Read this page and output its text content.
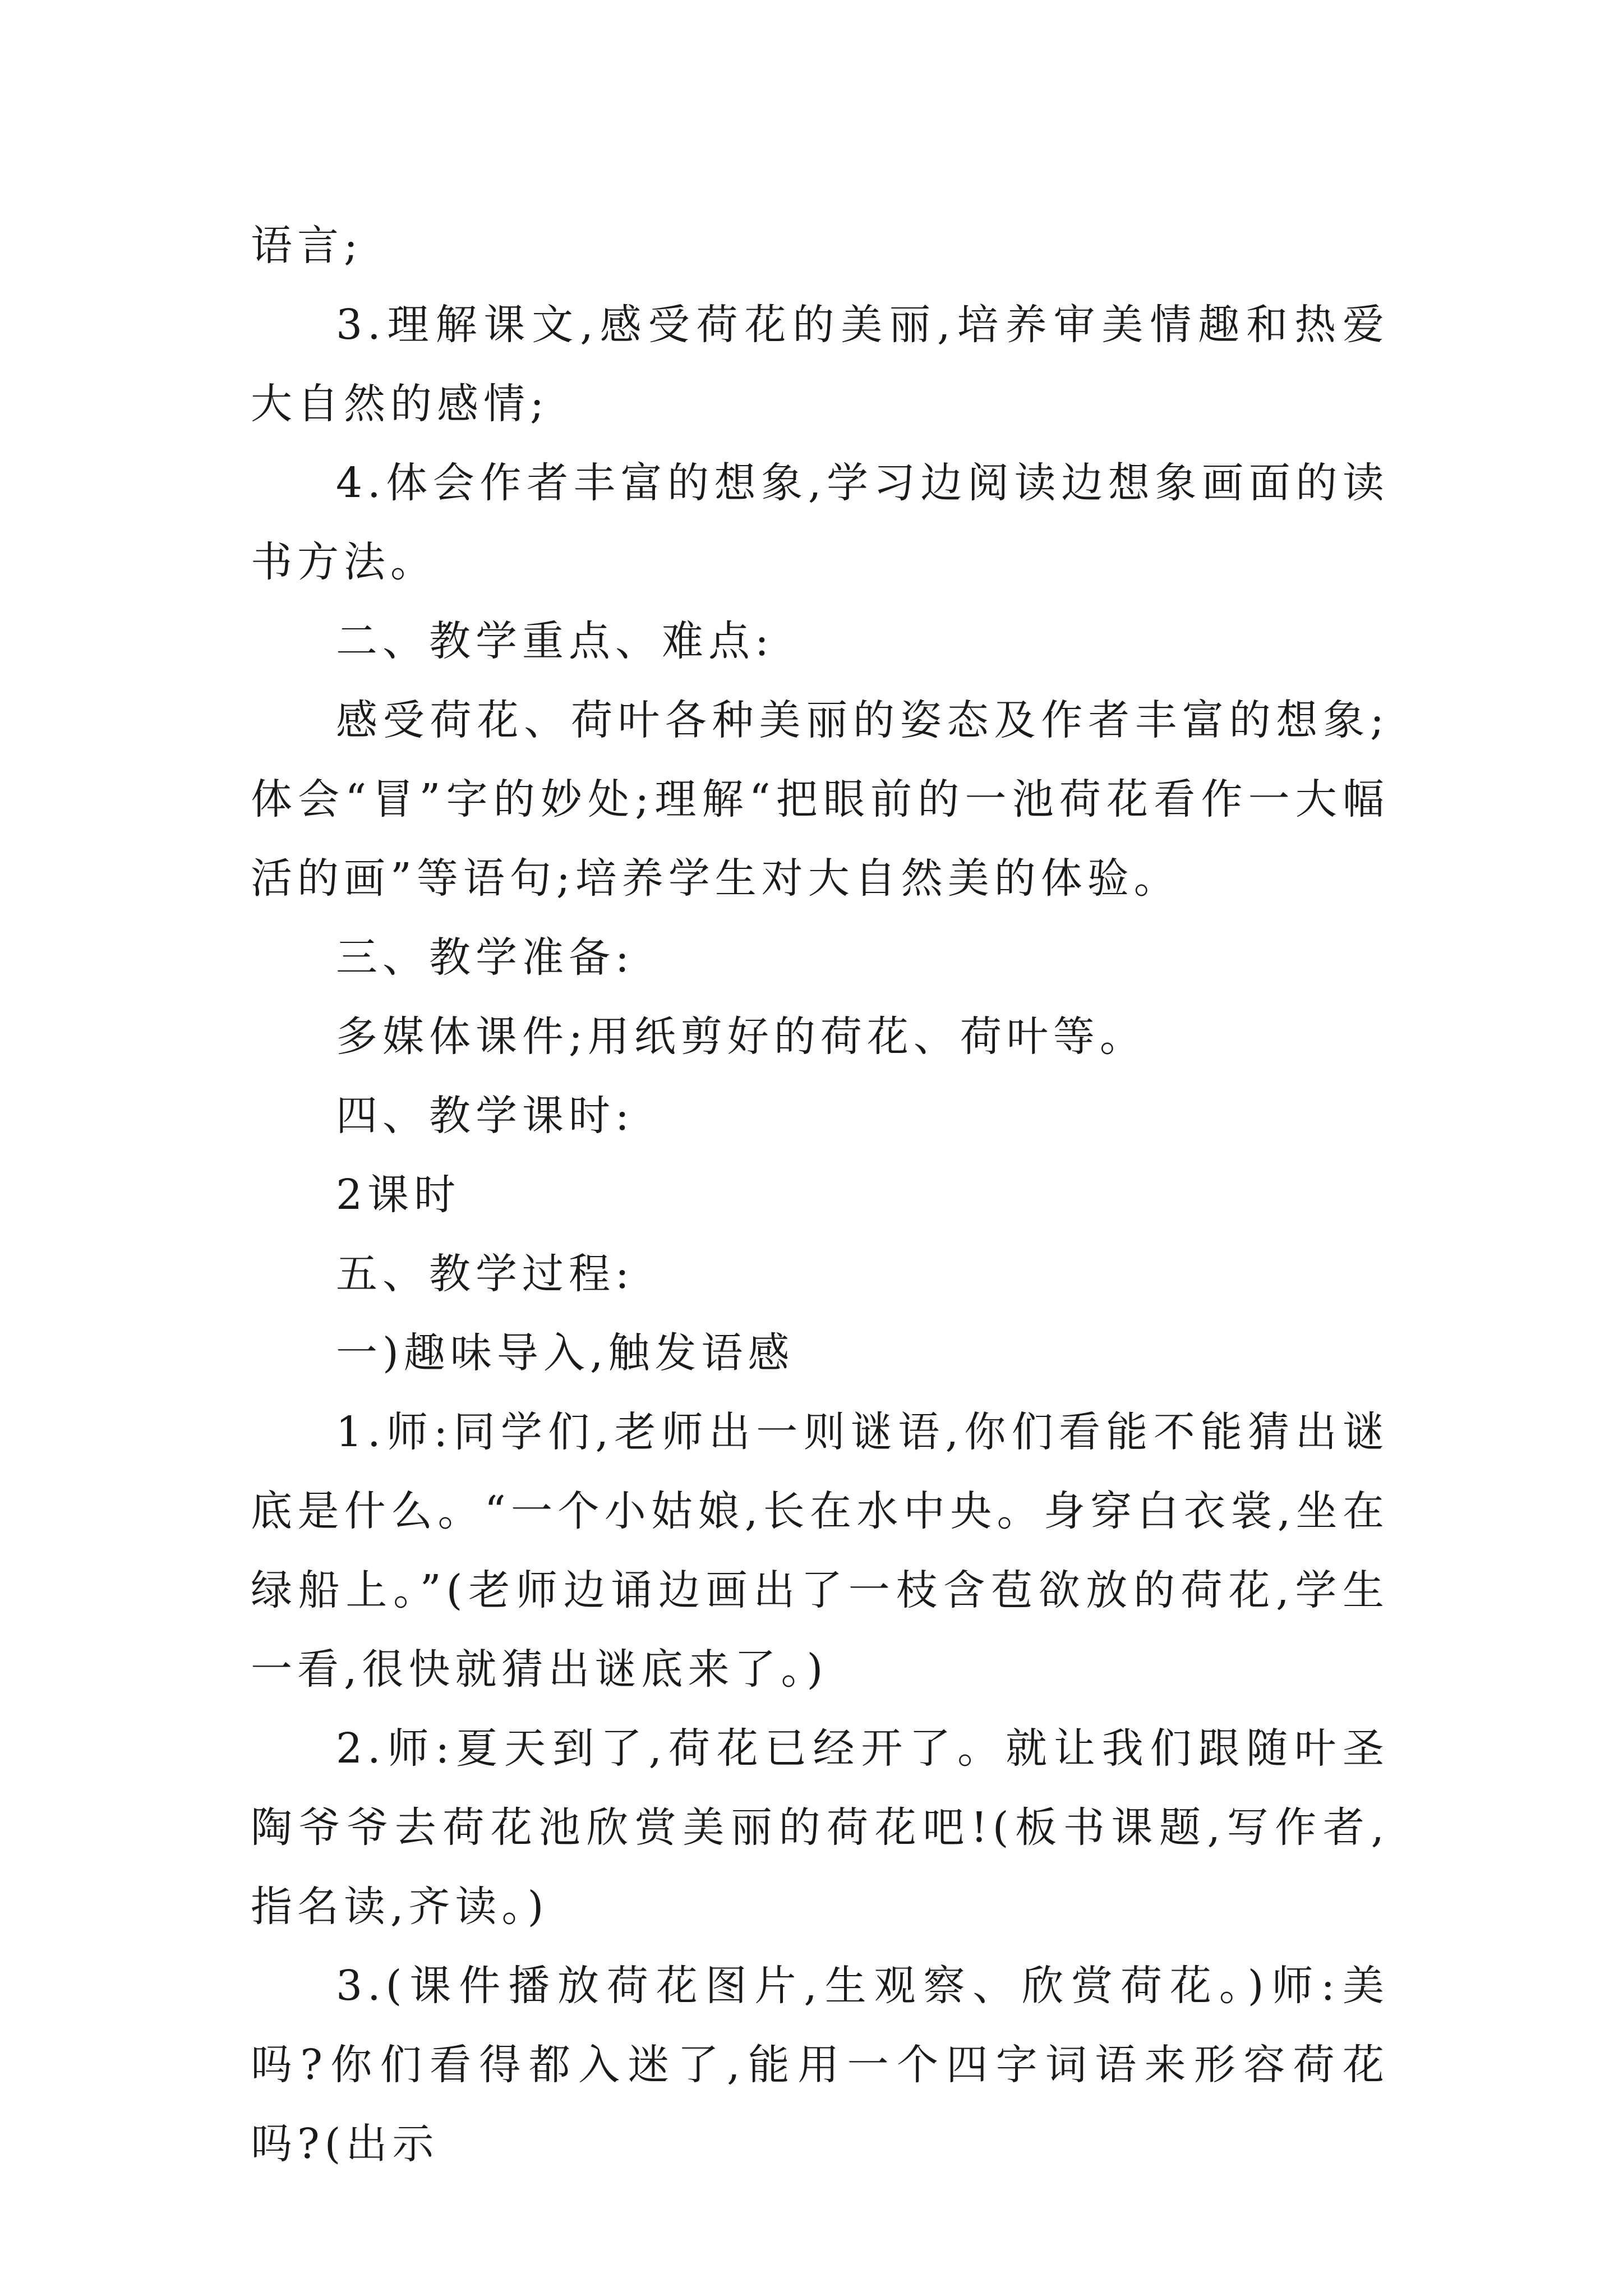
语言;

3.理解课文,感受荷花的美丽,培养审美情趣和热爱大自然的感情;

4.体会作者丰富的想象,学习边阅读边想象画面的读书方法。

二、教学重点、难点:

感受荷花、荷叶各种美丽的姿态及作者丰富的想象;体会“冒”字的妙处;理解“把眼前的一池荷花看作一大幅活的画”等语句;培养学生对大自然美的体验。

三、教学准备:

多媒体课件;用纸剪好的荷花、荷叶等。

四、教学课时:

2课时

五、教学过程:

一)趣味导入,触发语感

1.师:同学们,老师出一则谜语,你们看能不能猜出谜底是什么。“一个小姑娘,长在水中央。身穿白衣裳,坐在绿船上。”(老师边诵边画出了一枝含苞欲放的荷花,学生一看,很快就猜出谜底来了。)

2.师:夏天到了,荷花已经开了。就让我们跟随叶圣陶爷爷去荷花池欣赏美丽的荷花吧!(板书课题,写作者,指名读,齐读。)

3.(课件播放荷花图片,生观察、欣赏荷花。)师:美吗?你们看得都入迷了,能用一个四字词语来形容荷花吗?(出示
